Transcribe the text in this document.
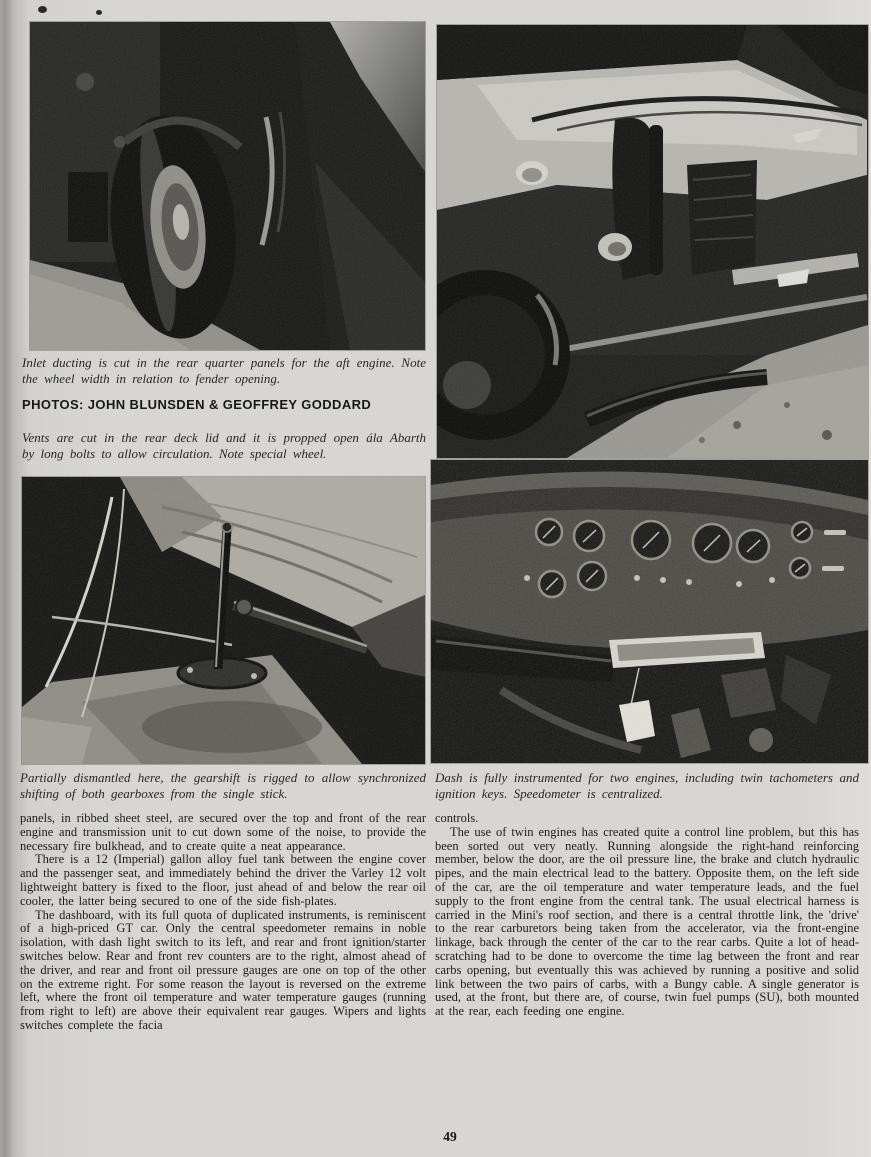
Inlet ducting is cut in the rear quarter panels for the aft engine. Note the wheel width in relation to fender opening.
PHOTOS: JOHN BLUNSDEN & GEOFFREY GODDARD
Vents are cut in the rear deck lid and it is propped open ála Abarth by long bolts to allow circulation. Note special wheel.
Partially dismantled here, the gearshift is rigged to allow synchronized shifting of both gearboxes from the single stick.

panels, in ribbed sheet steel, are secured over the top and front of the rear engine and transmission unit to cut down some of the noise, to provide the necessary fire bulkhead, and to create quite a neat appearance.

There is a 12 (Imperial) gallon alloy fuel tank between the engine cover and the passenger seat, and immediately behind the driver the Varley 12 volt lightweight battery is fixed to the floor, just ahead of and below the rear oil cooler, the latter being secured to one of the side fish-plates.

The dashboard, with its full quota of duplicated instruments, is reminiscent of a high-priced GT car. Only the central speedometer remains in noble isolation, with dash light switch to its left, and rear and front ignition/starter switches below. Rear and front rev counters are to the right, almost ahead of the driver, and rear and front oil pressure gauges are one on top of the other on the extreme right. For some reason the layout is reversed on the extreme left, where the front oil temperature and water temperature gauges (running from right to left) are above their equivalent rear gauges. Wipers and lights switches complete the facia

Dash is fully instrumented for two engines, including twin tachometers and ignition keys. Speedometer is centralized.

controls.

The use of twin engines has created quite a control line problem, but this has been sorted out very neatly. Running alongside the right-hand reinforcing member, below the door, are the oil pressure line, the brake and clutch hydraulic pipes, and the main electrical lead to the battery. Opposite them, on the left side of the car, are the oil temperature and water temperature leads, and the fuel supply to the front engine from the central tank. The usual electrical harness is carried in the Mini's roof section, and there is a central throttle link, the 'drive' to the rear carburetors being taken from the accelerator, via the front-engine linkage, back through the center of the car to the rear carbs. Quite a lot of head-scratching had to be done to overcome the time lag between the front and rear carbs opening, but eventually this was achieved by running a positive and solid link between the two pairs of carbs, with a Bungy cable. A single generator is used, at the front, but there are, of course, twin fuel pumps (SU), both mounted at the rear, each feeding one engine.

49
